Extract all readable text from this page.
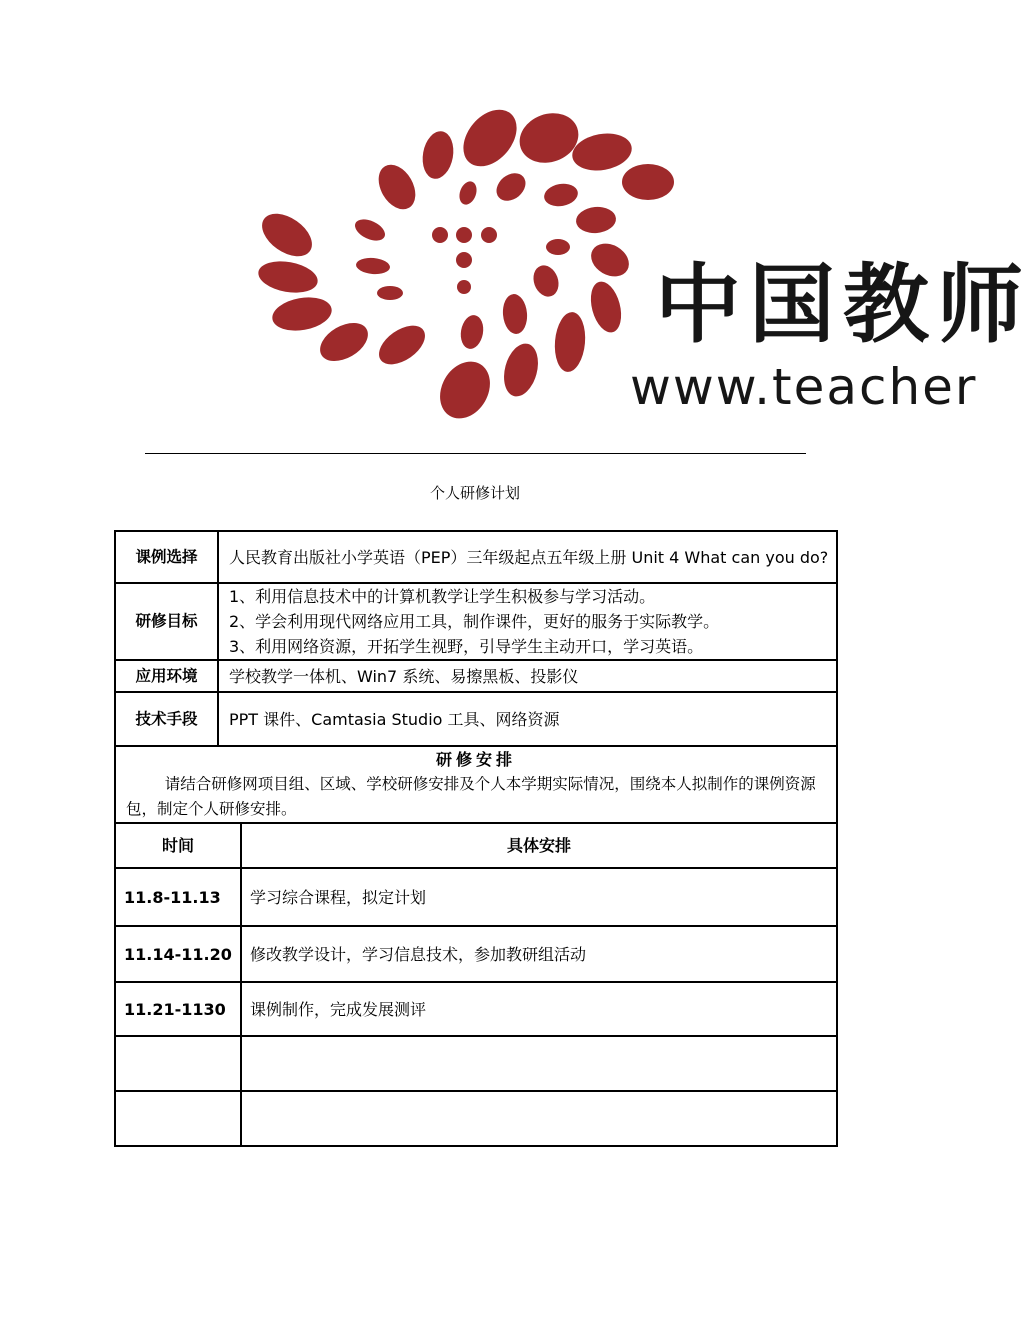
中国教师
www.teacher
个人研修计划
课例选择	人民教育出版社小学英语（PEP）三年级起点五年级上册 Unit 4 What can you do?

研修目标	1、利用信息技术中的计算机教学让学生积极参与学习活动。

2、学会利用现代网络应用工具，制作课件，更好的服务于实际教学。

3、利用网络资源，开拓学生视野，引导学生主动开口，学习英语。

应用环境	学校教学一体机、Win7 系统、易擦黑板、投影仪

技术手段	PPT 课件、Camtasia Studio 工具、网络资源

研修安排

请结合研修网项目组、区域、学校研修安排及个人本学期实际情况，围绕本人拟制作的课例资源包，制定个人研修安排。	

时间	具体安排
11.8-11.13	学习综合课程，拟定计划
11.14-11.20	修改教学设计，学习信息技术，参加教研组活动
11.21-1130	课例制作，完成发展测评
